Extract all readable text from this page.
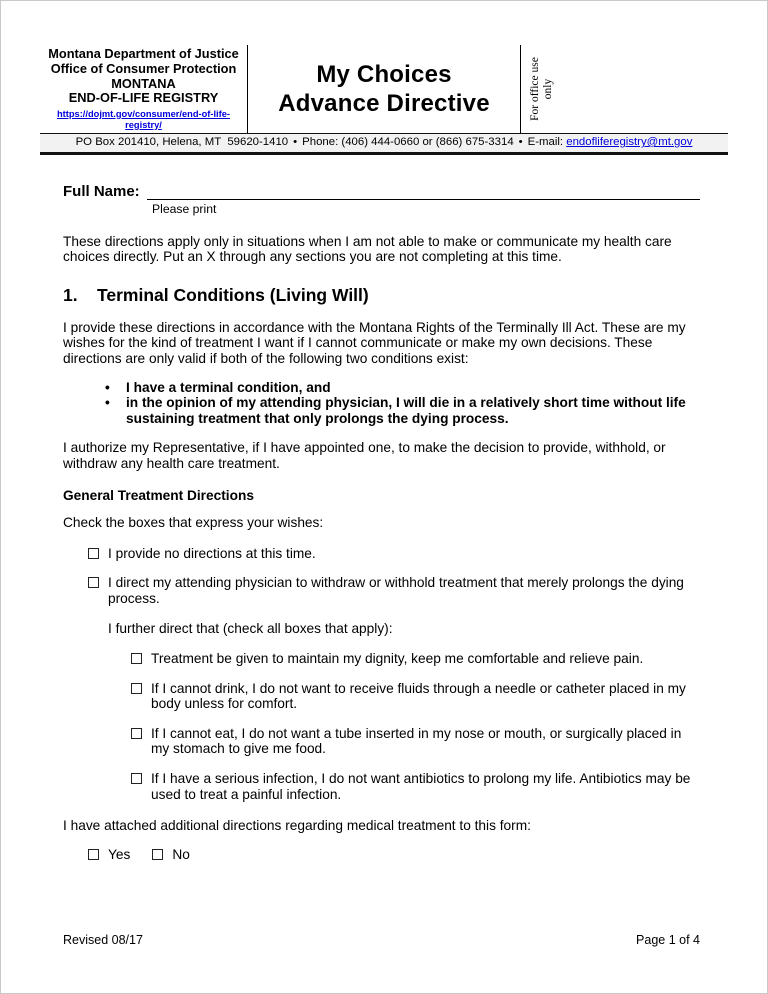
Montana Department of Justice
Office of Consumer Protection
MONTANA
END-OF-LIFE REGISTRY
https://dojmt.gov/consumer/end-of-life-registry/
My Choices
Advance Directive	For office use only
PO Box 201410, Helena, MT  59620-1410 • Phone: (406) 444-0660 or (866) 675-3314 • E-mail: endofliferegistry@mt.gov
Full Name:
Please print
These directions apply only in situations when I am not able to make or communicate my health care choices directly. Put an X through any sections you are not completing at this time.
1. Terminal Conditions (Living Will)
I provide these directions in accordance with the Montana Rights of the Terminally Ill Act. These are my wishes for the kind of treatment I want if I cannot communicate or make my own decisions. These directions are only valid if both of the following two conditions exist:
•	I have a terminal condition, and
•	in the opinion of my attending physician, I will die in a relatively short time without life sustaining treatment that only prolongs the dying process.
I authorize my Representative, if I have appointed one, to make the decision to provide, withhold, or withdraw any health care treatment.
General Treatment Directions
Check the boxes that express your wishes:
I provide no directions at this time.
I direct my attending physician to withdraw or withhold treatment that merely prolongs the dying process.
I further direct that (check all boxes that apply):
Treatment be given to maintain my dignity, keep me comfortable and relieve pain.
If I cannot drink, I do not want to receive fluids through a needle or catheter placed in my body unless for comfort.
If I cannot eat, I do not want a tube inserted in my nose or mouth, or surgically placed in my stomach to give me food.
If I have a serious infection, I do not want antibiotics to prolong my life. Antibiotics may be used to treat a painful infection.
I have attached additional directions regarding medical treatment to this form:
Yes	No
Revised 08/17	Page 1 of 4
